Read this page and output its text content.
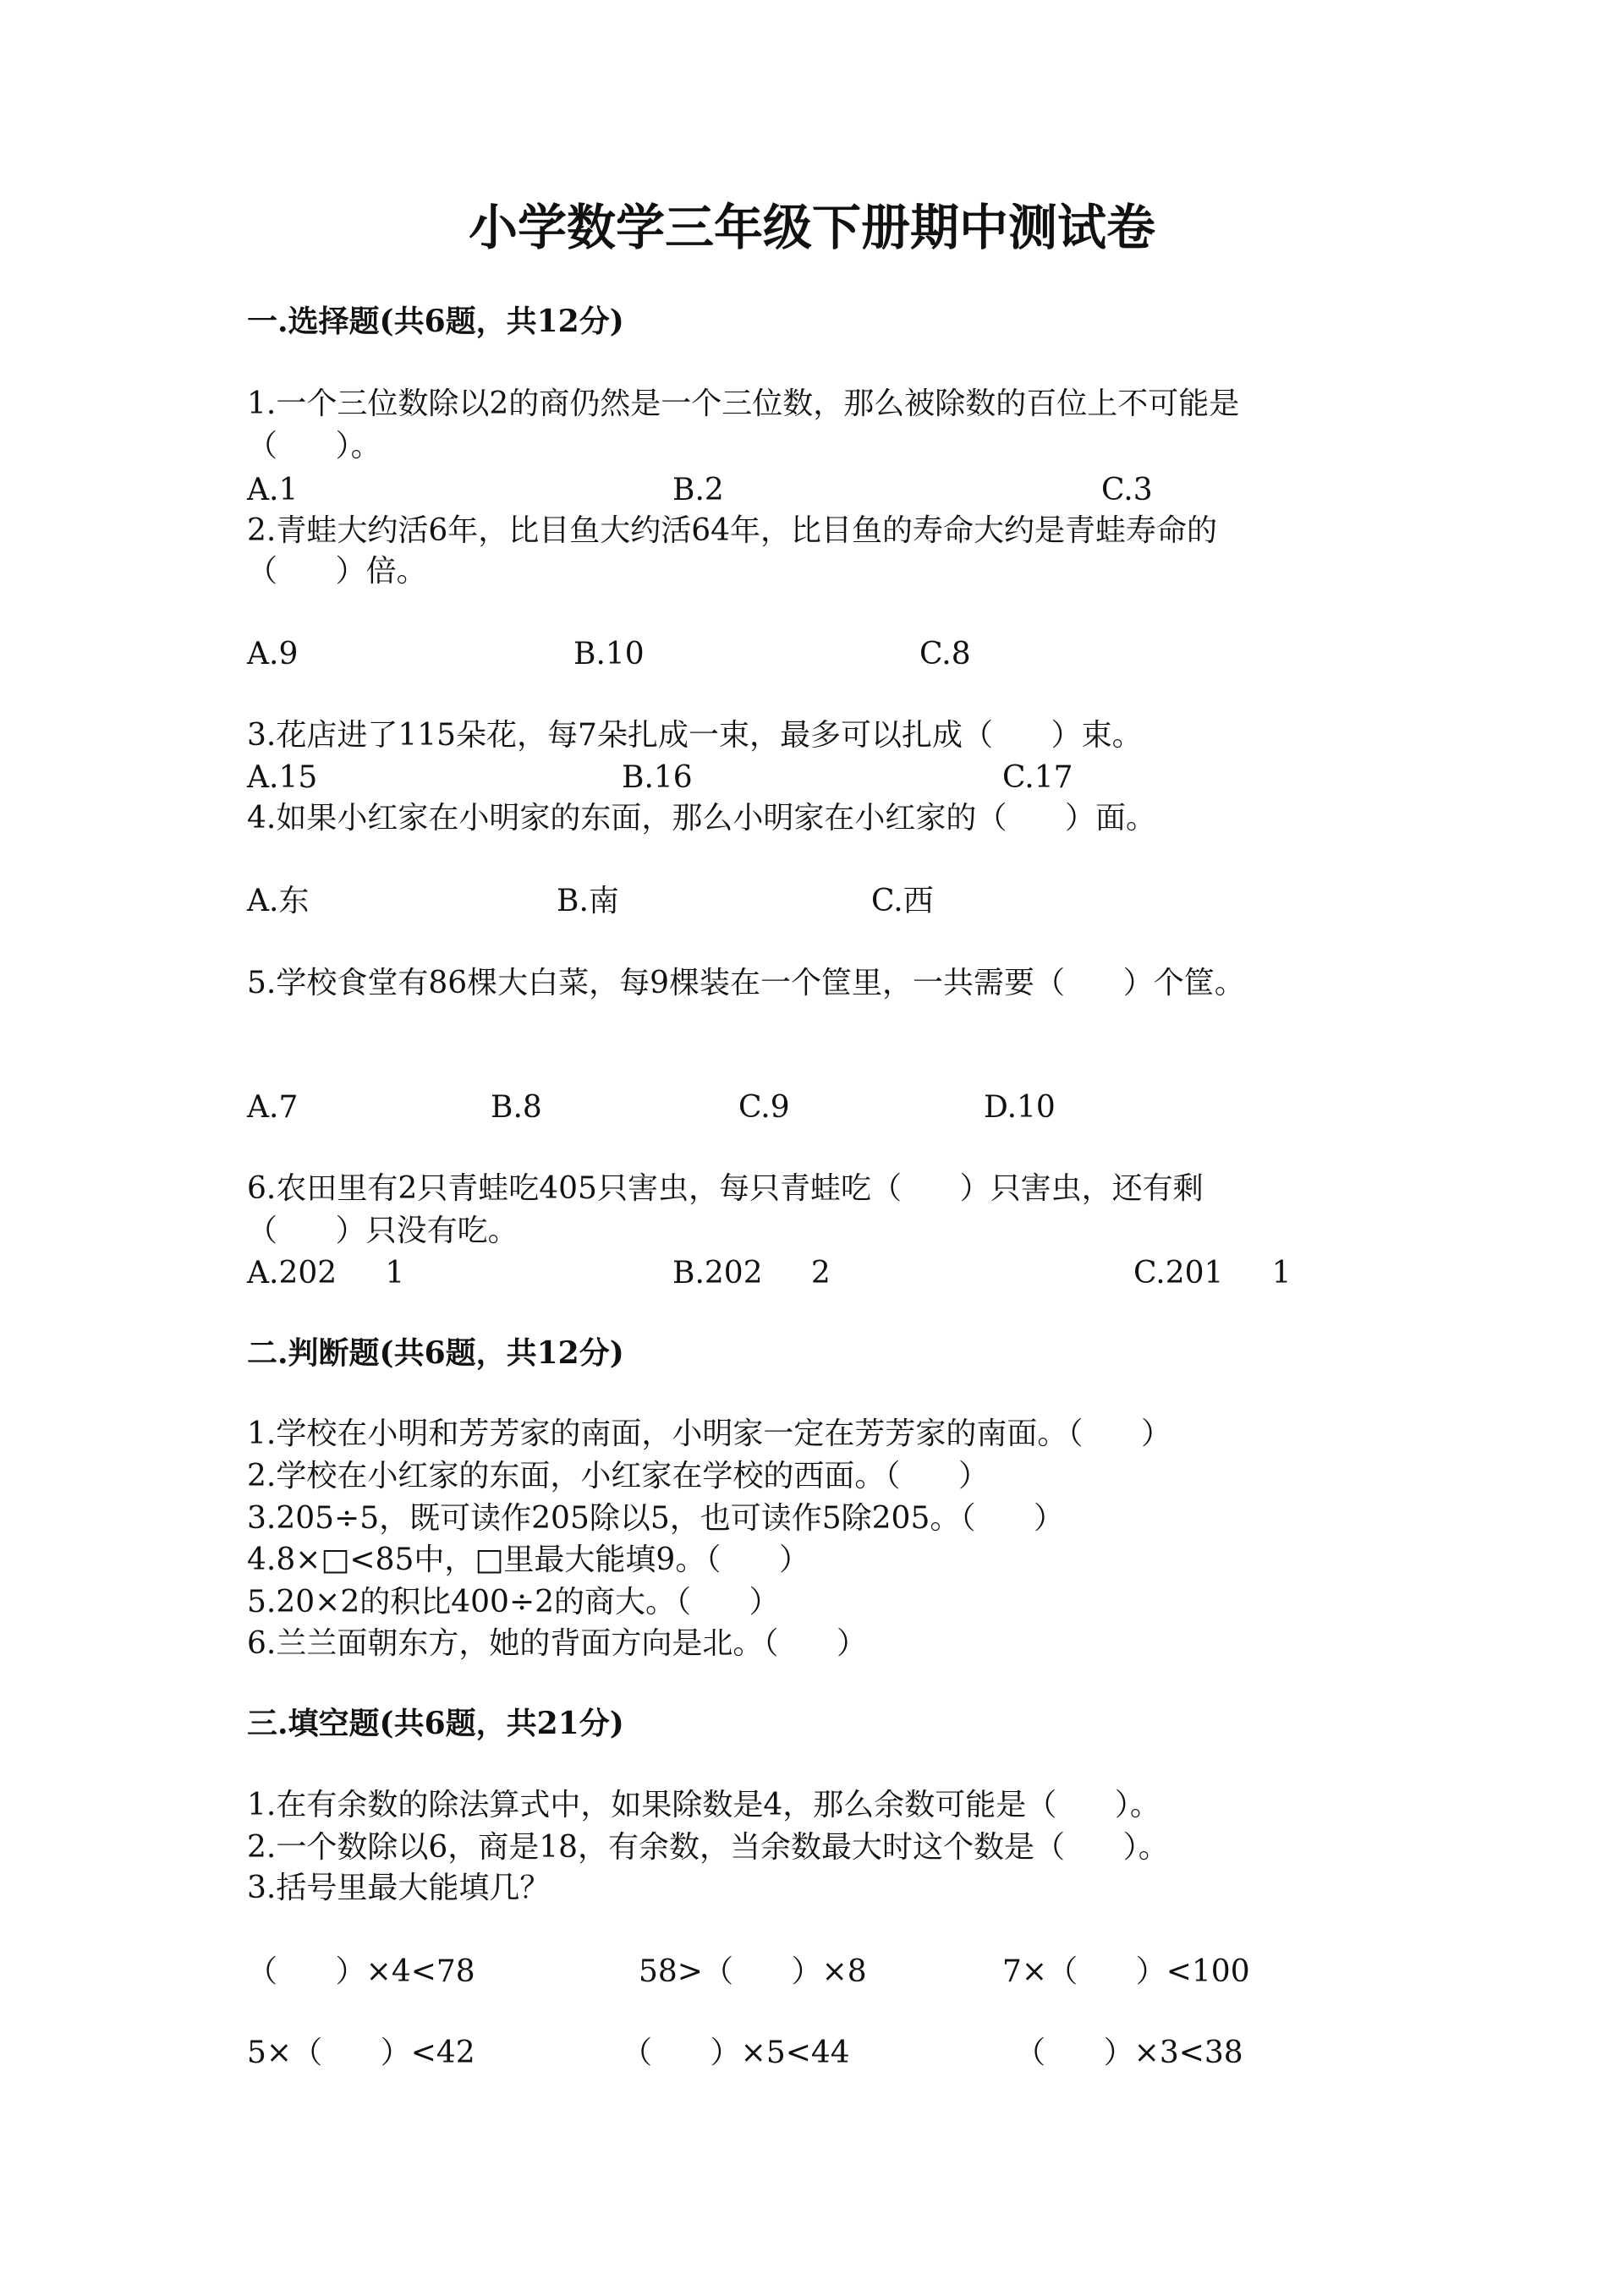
小学数学三年级下册期中测试卷
一.选择题(共6题，共12分)
1.一个三位数除以2的商仍然是一个三位数，那么被除数的百位上不可能是
（      ）。
A.1	B.2	C.3
2.青蛙大约活6年，比目鱼大约活64年，比目鱼的寿命大约是青蛙寿命的
（      ）倍。
A.9	B.10	C.8
3.花店进了115朵花，每7朵扎成一束，最多可以扎成（      ）束。
A.15	B.16	C.17
4.如果小红家在小明家的东面，那么小明家在小红家的（      ）面。
A.东	B.南	C.西
5.学校食堂有86棵大白菜，每9棵装在一个筐里，一共需要（      ）个筐。
A.7	B.8	C.9	D.10
6.农田里有2只青蛙吃405只害虫，每只青蛙吃（      ）只害虫，还有剩
（      ）只没有吃。
A.202     1	B.202     2	C.201     1
二.判断题(共6题，共12分)
1.学校在小明和芳芳家的南面，小明家一定在芳芳家的南面。（      ）
2.学校在小红家的东面，小红家在学校的西面。（      ）
3.205÷5，既可读作205除以5，也可读作5除205。（      ）
4.8×□<85中，□里最大能填9。（      ）
5.20×2的积比400÷2的商大。（      ）
6.兰兰面朝东方，她的背面方向是北。（      ）
三.填空题(共6题，共21分)
1.在有余数的除法算式中，如果除数是4，那么余数可能是（      ）。
2.一个数除以6，商是18，有余数，当余数最大时这个数是（      ）。
3.括号里最大能填几？
（      ）×4<78	58>（      ）×8	7×（      ）<100
5×（      ）<42	（      ）×5<44	（      ）×3<38
